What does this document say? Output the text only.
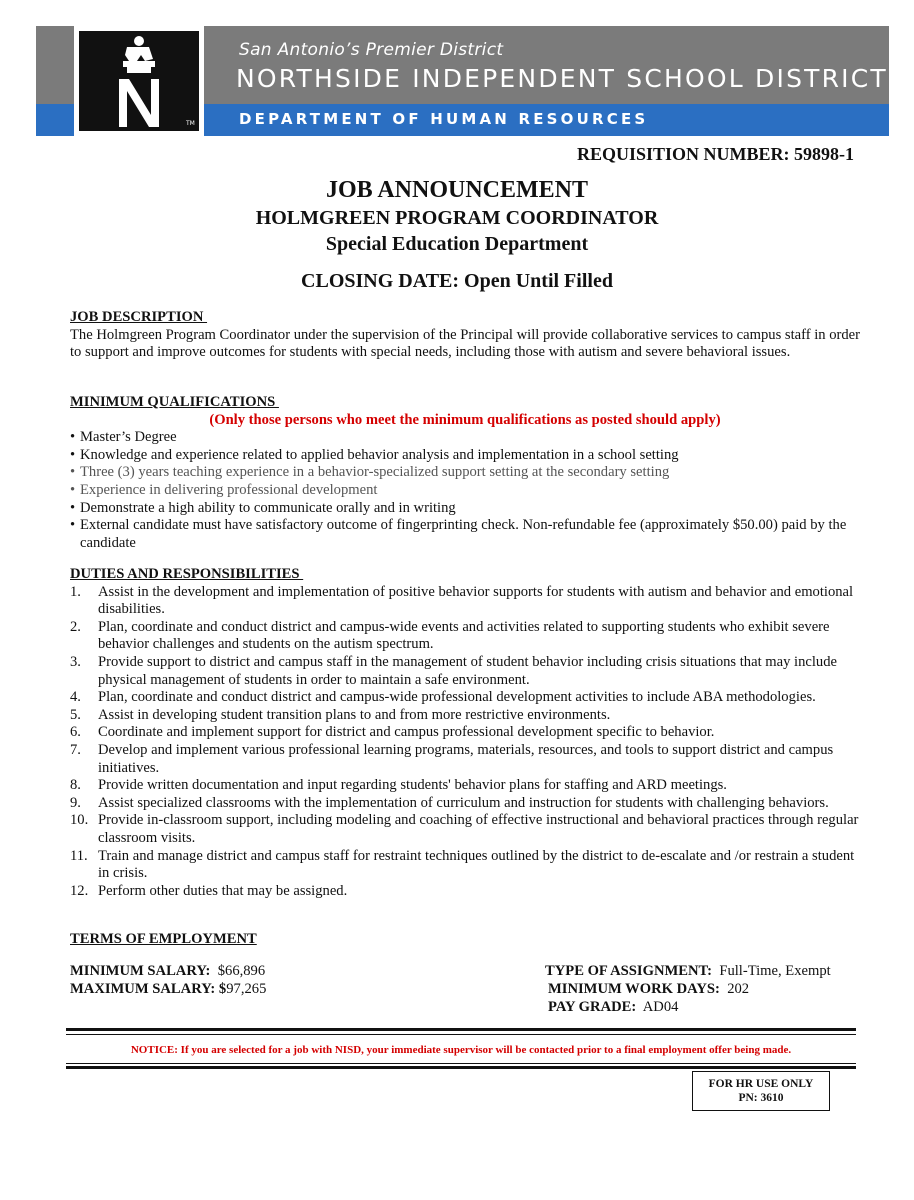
TM
San Antonio’s Premier District
NORTHSIDE INDEPENDENT SCHOOL DISTRICT
DEPARTMENT OF HUMAN RESOURCES
REQUISITION NUMBER: 59898-1
JOB ANNOUNCEMENT
HOLMGREEN PROGRAM COORDINATOR
Special Education Department
CLOSING DATE: Open Until Filled
JOB DESCRIPTION
The Holmgreen Program Coordinator under the supervision of the Principal will provide collaborative services to campus staff in order to support and improve outcomes for students with special needs, including those with autism and severe behavioral issues.
MINIMUM QUALIFICATIONS
(Only those persons who meet the minimum qualifications as posted should apply)
• Master’s Degree
• Knowledge and experience related to applied behavior analysis and implementation in a school setting
• Three (3) years teaching experience in a behavior-specialized support setting at the secondary setting
• Experience in delivering professional development
• Demonstrate a high ability to communicate orally and in writing
• External candidate must have satisfactory outcome of fingerprinting check. Non-refundable fee (approximately $50.00) paid by the candidate
DUTIES AND RESPONSIBILITIES
1. Assist in the development and implementation of positive behavior supports for students with autism and behavior and emotional disabilities.
2. Plan, coordinate and conduct district and campus-wide events and activities related to supporting students who exhibit severe behavior challenges and students on the autism spectrum.
3. Provide support to district and campus staff in the management of student behavior including crisis situations that may include physical management of students in order to maintain a safe environment.
4. Plan, coordinate and conduct district and campus-wide professional development activities to include ABA methodologies.
5. Assist in developing student transition plans to and from more restrictive environments.
6. Coordinate and implement support for district and campus professional development specific to behavior.
7. Develop and implement various professional learning programs, materials, resources, and tools to support district and campus initiatives.
8. Provide written documentation and input regarding students' behavior plans for staffing and ARD meetings.
9. Assist specialized classrooms with the implementation of curriculum and instruction for students with challenging behaviors.
10. Provide in-classroom support, including modeling and coaching of effective instructional and behavioral practices through regular classroom visits.
11. Train and manage district and campus staff for restraint techniques outlined by the district to de-escalate and /or restrain a student in crisis.
12. Perform other duties that may be assigned.
TERMS OF EMPLOYMENT
MINIMUM SALARY: $66,896
MAXIMUM SALARY: $97,265
TYPE OF ASSIGNMENT: Full-Time, Exempt
MINIMUM WORK DAYS: 202
PAY GRADE: AD04
NOTICE: If you are selected for a job with NISD, your immediate supervisor will be contacted prior to a final employment offer being made.
FOR HR USE ONLY
PN: 3610
